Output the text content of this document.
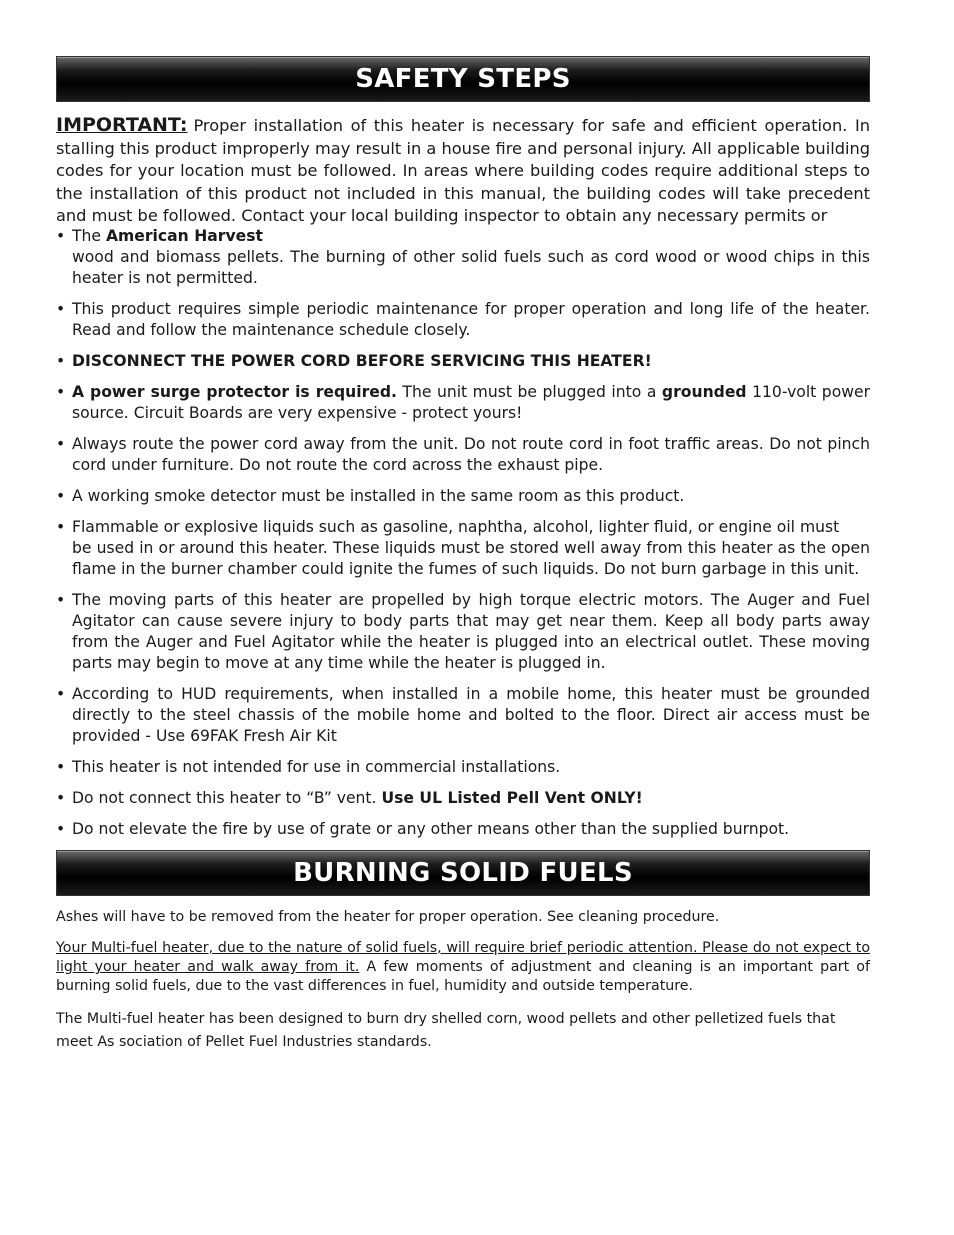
SAFETY STEPS
IMPORTANT: Proper installation of this heater is necessary for safe and efficient operation. In stalling this product improperly may result in a house fire and personal injury. All applicable building codes for your location must be followed. In areas where building codes require additional steps to the installation of this product not included in this manual, the building codes will take precedent and must be followed. Contact your local building inspector to obtain any necessary permits or
• The American Harvest
wood and biomass pellets. The burning of other solid fuels such as cord wood or wood chips in this heater is not permitted.
• This product requires simple periodic maintenance for proper operation and long life of the heater. Read and follow the maintenance schedule closely.
• DISCONNECT THE POWER CORD BEFORE SERVICING THIS HEATER!
• A power surge protector is required. The unit must be plugged into a grounded 110-volt power source. Circuit Boards are very expensive - protect yours!
• Always route the power cord away from the unit. Do not route cord in foot traffic areas. Do not pinch cord under furniture. Do not route the cord across the exhaust pipe.
• A working smoke detector must be installed in the same room as this product.
• Flammable or explosive liquids such as gasoline, naphtha, alcohol, lighter fluid, or engine oil must
be used in or around this heater. These liquids must be stored well away from this heater as the open flame in the burner chamber could ignite the fumes of such liquids. Do not burn garbage in this unit.
• The moving parts of this heater are propelled by high torque electric motors. The Auger and Fuel Agitator can cause severe injury to body parts that may get near them. Keep all body parts away from the Auger and Fuel Agitator while the heater is plugged into an electrical outlet. These moving parts may begin to move at any time while the heater is plugged in.
• According to HUD requirements, when installed in a mobile home, this heater must be grounded directly to the steel chassis of the mobile home and bolted to the floor. Direct air access must be provided - Use 69FAK Fresh Air Kit
• This heater is not intended for use in commercial installations.
• Do not connect this heater to “B” vent. Use UL Listed Pell Vent ONLY!
• Do not elevate the fire by use of grate or any other means other than the supplied burnpot.
BURNING SOLID FUELS

Ashes will have to be removed from the heater for proper operation. See cleaning procedure.

Your Multi-fuel heater, due to the nature of solid fuels, will require brief periodic attention. Please do not expect to light your heater and walk away from it. A few moments of adjustment and cleaning is an important part of burning solid fuels, due to the vast differences in fuel, humidity and outside temperature.

The Multi-fuel heater has been designed to burn dry shelled corn, wood pellets and other pelletized fuels that meet As sociation of Pellet Fuel Industries standards.
